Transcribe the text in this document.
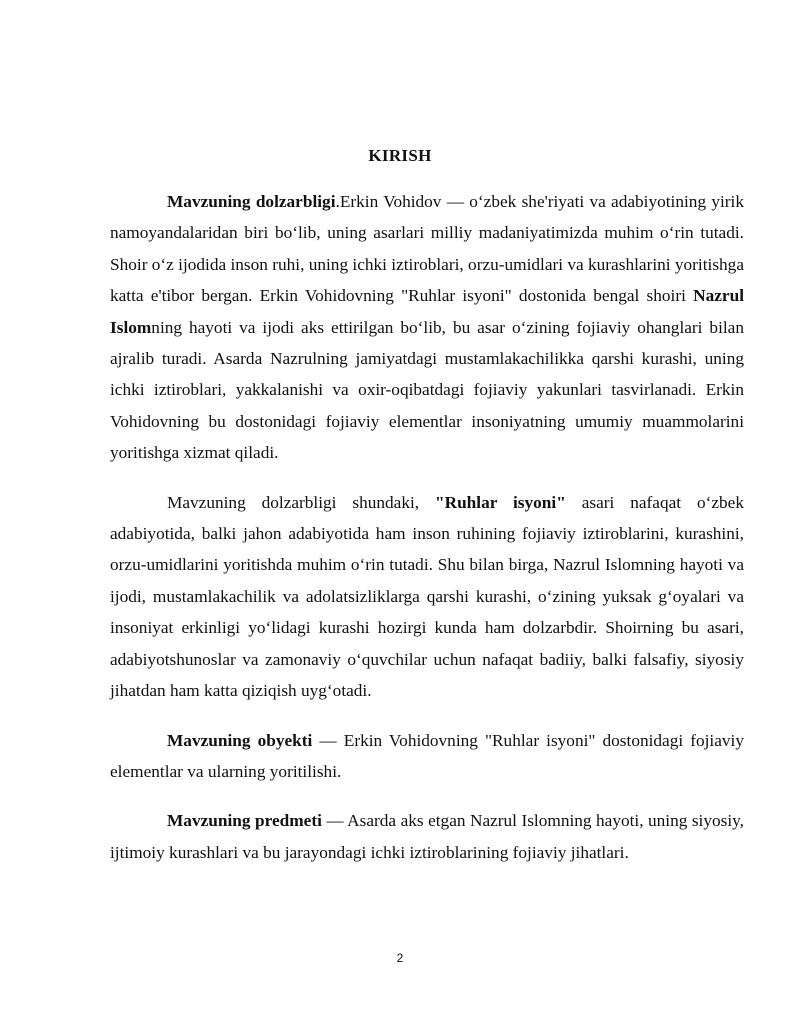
KIRISH

Mavzuning dolzarbligi.Erkin Vohidov — oʻzbek she'riyati va adabiyotining yirik namoyandalaridan biri boʻlib, uning asarlari milliy madaniyatimizda muhim oʻrin tutadi. Shoir oʻz ijodida inson ruhi, uning ichki iztiroblari, orzu-umidlari va kurashlarini yoritishga katta e'tibor bergan. Erkin Vohidovning "Ruhlar isyoni" dostonida bengal shoiri Nazrul Islomning hayoti va ijodi aks ettirilgan boʻlib, bu asar oʻzining fojiaviy ohanglari bilan ajralib turadi. Asarda Nazrulning jamiyatdagi mustamlakachilikka qarshi kurashi, uning ichki iztiroblari, yakkalanishi va oxir-oqibatdagi fojiaviy yakunlari tasvirlanadi. Erkin Vohidovning bu dostonidagi fojiaviy elementlar insoniyatning umumiy muammolarini yoritishga xizmat qiladi.

Mavzuning dolzarbligi shundaki, "Ruhlar isyoni" asari nafaqat oʻzbek adabiyotida, balki jahon adabiyotida ham inson ruhining fojiaviy iztiroblarini, kurashini, orzu-umidlarini yoritishda muhim oʻrin tutadi. Shu bilan birga, Nazrul Islomning hayoti va ijodi, mustamlakachilik va adolatsizliklarga qarshi kurashi, oʻzining yuksak gʻoyalari va insoniyat erkinligi yoʻlidagi kurashi hozirgi kunda ham dolzarbdir. Shoirning bu asari, adabiyotshunoslar va zamonaviy oʻquvchilar uchun nafaqat badiiy, balki falsafiy, siyosiy jihatdan ham katta qiziqish uygʻotadi.

Mavzuning obyekti — Erkin Vohidovning "Ruhlar isyoni" dostonidagi fojiaviy elementlar va ularning yoritilishi.

Mavzuning predmeti — Asarda aks etgan Nazrul Islomning hayoti, uning siyosiy, ijtimoiy kurashlari va bu jarayondagi ichki iztiroblarining fojiaviy jihatlari.

2
